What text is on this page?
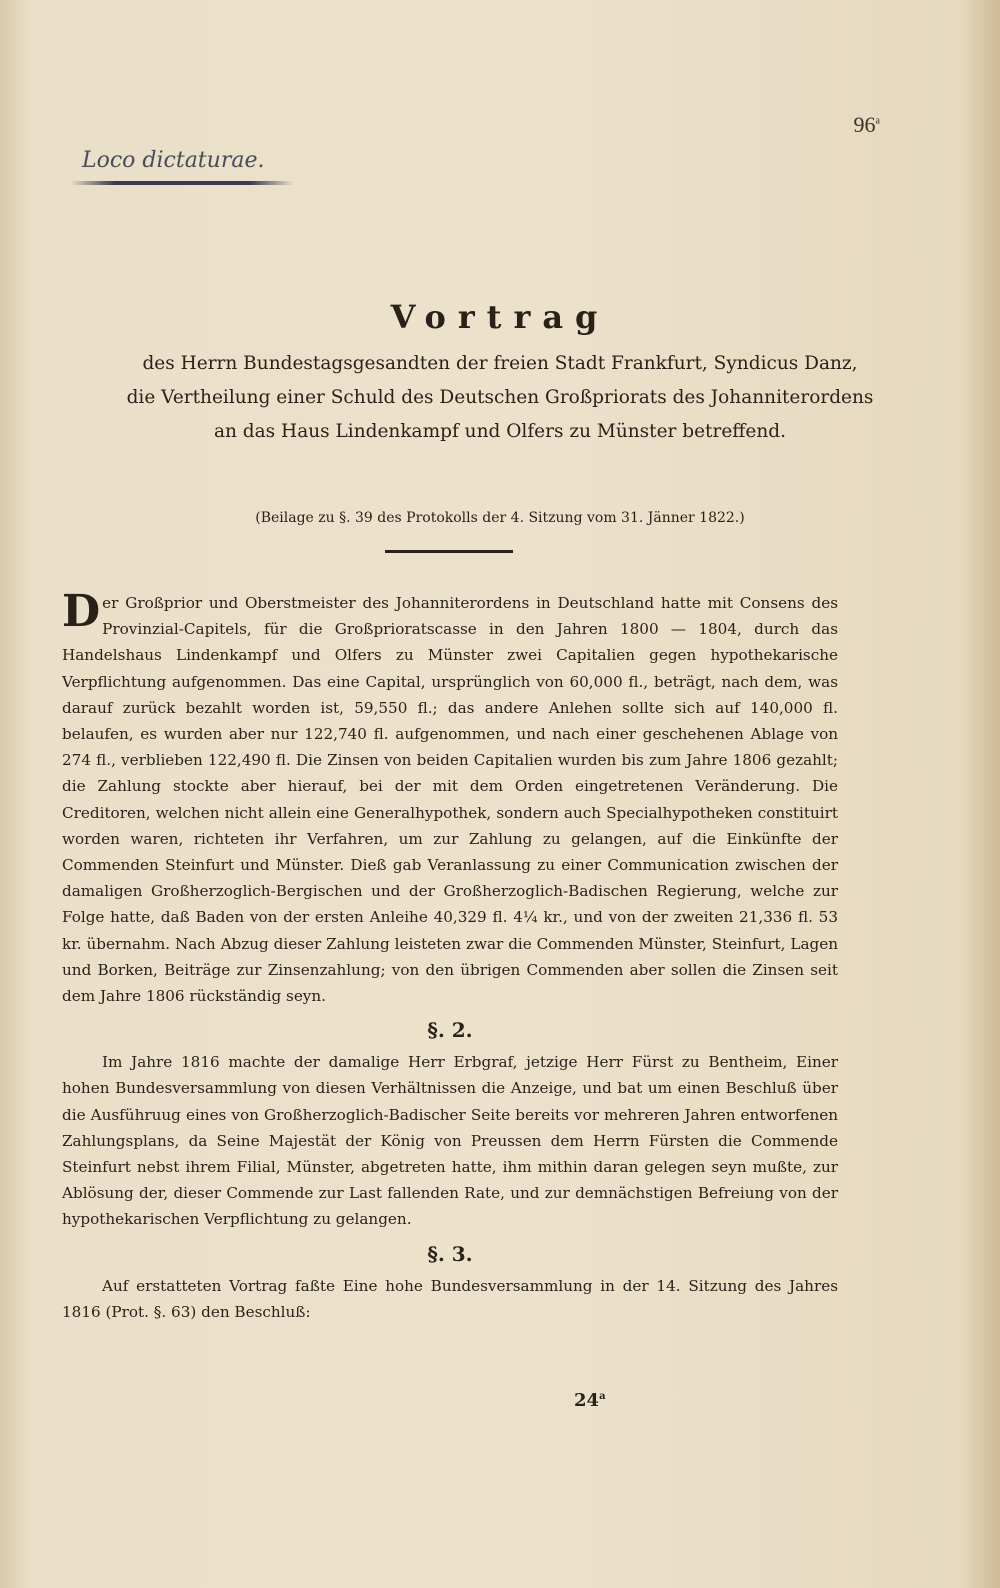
96$^a$
Loco dictaturae.
Vortrag
des Herrn Bundestagsgesandten der freien Stadt Frankfurt, Syndicus Danz,
die Vertheilung einer Schuld des Deutschen Großpriorats des Johanniterordens
an das Haus Lindenkampf und Olfers zu Münster betreffend.
(Beilage zu §. 39 des Protokolls der 4. Sitzung vom 31. Jänner 1822.)

Der Großprior und Oberstmeister des Johanniterordens in Deutschland hatte mit Consens des Provinzial-Capitels, für die Großprioratscasse in den Jahren 1800 — 1804, durch das Handelshaus Lindenkampf und Olfers zu Münster zwei Capitalien gegen hypothekarische Verpflichtung aufgenommen. Das eine Capital, ursprünglich von 60,000 fl., beträgt, nach dem, was darauf zurück bezahlt worden ist, 59,550 fl.; das andere Anlehen sollte sich auf 140,000 fl. belaufen, es wurden aber nur 122,740 fl. aufgenommen, und nach einer geschehenen Ablage von 274 fl., verblieben 122,490 fl. Die Zinsen von beiden Capitalien wurden bis zum Jahre 1806 gezahlt; die Zahlung stockte aber hierauf, bei der mit dem Orden eingetretenen Veränderung. Die Creditoren, welchen nicht allein eine Generalhypothek, sondern auch Specialhypotheken constituirt worden waren, richteten ihr Verfahren, um zur Zahlung zu gelangen, auf die Einkünfte der Commenden Steinfurt und Münster. Dieß gab Veranlassung zu einer Communication zwischen der damaligen Großherzoglich-Bergischen und der Großherzoglich-Badischen Regierung, welche zur Folge hatte, daß Baden von der ersten Anleihe 40,329 fl. 4¼ kr., und von der zweiten 21,336 fl. 53 kr. übernahm. Nach Abzug dieser Zahlung leisteten zwar die Commenden Münster, Steinfurt, Lagen und Borken, Beiträge zur Zinsenzahlung; von den übrigen Commenden aber sollen die Zinsen seit dem Jahre 1806 rückständig seyn.

§. 2.

Im Jahre 1816 machte der damalige Herr Erbgraf, jetzige Herr Fürst zu Bentheim, Einer hohen Bundesversammlung von diesen Verhältnissen die Anzeige, und bat um einen Beschluß über die Ausführuug eines von Großherzoglich-Badischer Seite bereits vor mehreren Jahren entworfenen Zahlungsplans, da Seine Majestät der König von Preussen dem Herrn Fürsten die Commende Steinfurt nebst ihrem Filial, Münster, abgetreten hatte, ihm mithin daran gelegen seyn mußte, zur Ablösung der, dieser Commende zur Last fallenden Rate, und zur demnächstigen Befreiung von der hypothekarischen Verpflichtung zu gelangen.

§. 3.

Auf erstatteten Vortrag faßte Eine hohe Bundesversammlung in der 14. Sitzung des Jahres 1816 (Prot. §. 63) den Beschluß:

24$^a$
